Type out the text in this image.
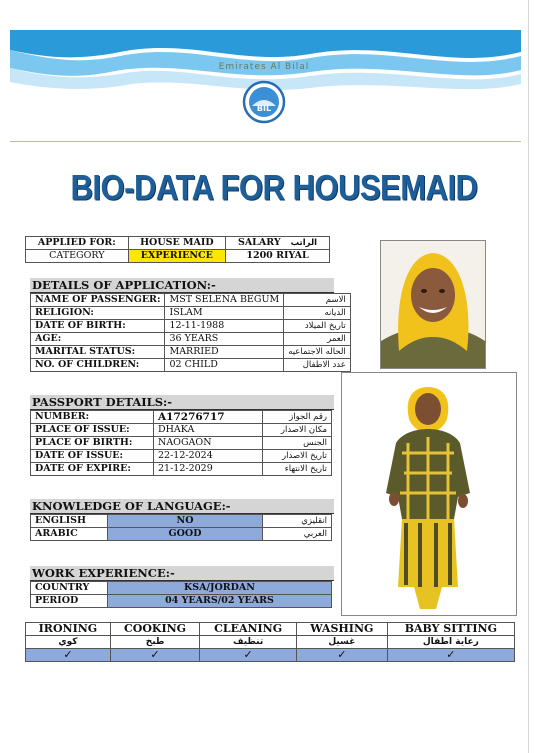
Emirates Al Bilal
BIL
BIO-DATA FOR HOUSEMAID
APPLIED FOR:	HOUSE MAID	SALARY الراتب
CATEGORY	EXPERIENCE	1200 RIYAL
DETAILS OF APPLICATION:-
NAME OF PASSENGER:	MST SELENA BEGUM	الاسم
RELIGION:	ISLAM	الديانه
DATE OF BIRTH:	12-11-1988	تاريخ الميلاد
AGE:	36 YEARS	العمر
MARITAL STATUS:	MARRIED	الحاله الاجتماعيه
NO. OF CHILDREN:	02 CHILD	عدد الاطفال
PASSPORT DETAILS:-
NUMBER:	A17276717	رقم الجواز
PLACE OF ISSUE:	DHAKA	مكان الاصدار
PLACE OF BIRTH:	NAOGAON	الجنس
DATE OF ISSUE:	22-12-2024	تاريخ الاصدار
DATE OF EXPIRE:	21-12-2029	تاريخ الانتهاء
KNOWLEDGE OF LANGUAGE:-
ENGLISH	NO	انقليزي
ARABIC	GOOD	العربي
WORK EXPERIENCE:-
COUNTRY	KSA/JORDAN
PERIOD	04 YEARS/02 YEARS
IRONING	COOKING	CLEANING	WASHING	BABY SITTING
كوي	طبخ	تنظيف	غسيل	رعاية اطفال
✓	✓	✓	✓	✓
